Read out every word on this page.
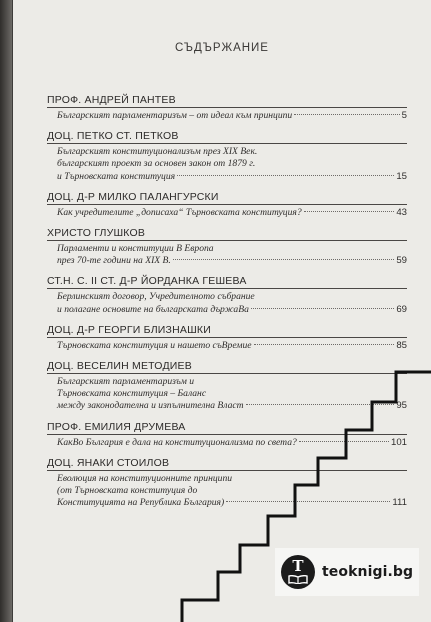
СЪДЪРЖАНИЕ
ПРОФ. АНДРЕЙ ПАНТЕВ
Българският парламентаризъм – от идеал към принципи	5
ДОЦ. ПЕТКО СТ. ПЕТКОВ
Българският конституционализъм през XIX Век.
българският проект за основен закон от 1879 г.
и Търновската конституция	15
ДОЦ. Д-Р МИЛКО ПАЛАНГУРСКИ
Как учредителите „дописаха“ Търновската конституция?	43
ХРИСТО ГЛУШКОВ
Парламенти и конституции В Европа
през 70-те години на XIX В.	59
СТ.Н. С. II СТ. Д-Р ЙОРДАНКА ГЕШЕВА
Берлинският договор, Учредителното събрание
и полагане основите на българската държаВа	69
ДОЦ. Д-Р ГЕОРГИ БЛИЗНАШКИ
Търновската конституция и нашето съВремие	85
ДОЦ. ВЕСЕЛИН МЕТОДИЕВ
Българският парламентаризъм и
Търновската конституция – Баланс
между законодателна и изпълнителна Власт	95
ПРОФ. ЕМИЛИЯ ДРУМЕВА
КакВо България е дала на конституционализма по света?	101
ДОЦ. ЯНАКИ СТОИЛОВ
Еволюция на конституционните принципи
(от Търновската конституция до
Конституцията на Република България)	111
Т	teoknigi.bg
